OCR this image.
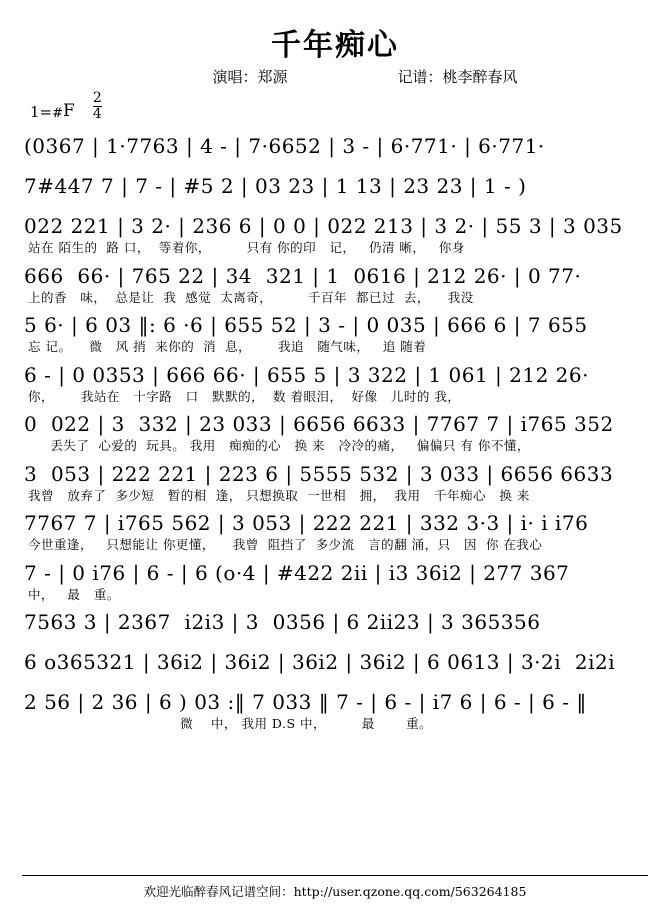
千年痴心
演唱：郑源	记谱：桃李醉春风
1= # F $\frac{2}{4}$
(0367 | 1·7763 | 4 - | 7·6652 | 3 - | 6·771· | 6·771·
7#447 7 | 7 - | #5 2 | 03 23 | 1 13 | 23 23 | 1 - )
022 221 | 3 2· | 236 6 | 0 0 | 022 213 | 3 2· | 55 3 | 3 035
站在 陌生的  路 口，  等着你，        只有 你的印   记，   仍清 晰，   你身
666  66· | 765 22 | 34  321 | 1  0616 | 212 26· | 0 77·
上的香   味，  总是让  我  感觉  太离奇，        千百年  都已过  去，    我没
5 6· | 6 03 ‖: 6 ·6 | 655 52 | 3 - | 0 035 | 666 6 | 7 655
忘 记。    微   风 捎  来你的  消  息，      我追   随气味，   追 随着
6 - | 0 0353 | 666 66· | 655 5 | 3 322 | 1 061 | 212 26·
你，      我站在   十字路   口   默默的，  数 着眼泪，  好像   儿时的 我，
0  022 | 3  332 | 23 033 | 6656 6633 | 7767 7 | i765 352
丢失了  心爱的  玩具。 我用   痴痴的心   换 来   冷冷的痛，   偏偏只 有 你不懂，
3  053 | 222 221 | 223 6 | 5555 532 | 3 033 | 6656 6633
我曾   放弃了  多少短   暂的相  逢， 只想换取  一世相   拥，  我用   千年痴心   换 来
7767 7 | i765 562 | 3 053 | 222 221 | 332 3·3 | i· i i76
今世重逢，   只想能让 你更懂，    我曾  阻挡了  多少流   言的翻 涌，只   因  你 在我心
7 - | 0 i76 | 6 - | 6 (o·4 | #422 2ii | i3 36i2 | 277 367
中，   最   重。
7563 3 | 2367  i2i3 | 3  0356 | 6 2ii23 | 3 365356
6 o365321 | 36i2 | 36i2 | 36i2 | 36i2 | 6 0613 | 3·2i  2i2i
2 56 | 2 36 | 6 ) 03 :‖ 7 033 ‖ 7 - | 6 - | i7 6 | 6 - | 6 - ‖
微    中， 我用 D.S 中，        最       重。
欢迎光临醉春风记谱空间：http://user.qzone.qq.com/563264185
